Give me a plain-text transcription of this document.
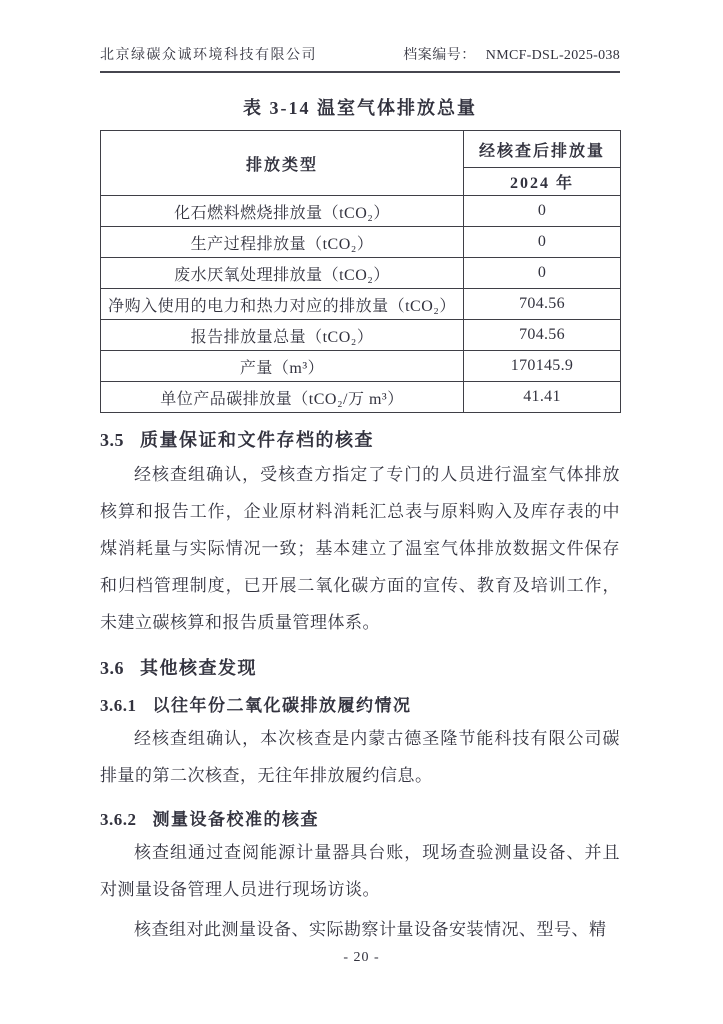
北京绿碳众诚环境科技有限公司	档案编号： NMCF-DSL-2025-038
表 3-14 温室气体排放总量
排放类型	经核查后排放量
	2024 年
化石燃料燃烧排放量（tCO₂）	0
生产过程排放量（tCO₂）	0
废水厌氧处理排放量（tCO₂）	0
净购入使用的电力和热力对应的排放量（tCO₂）	704.56
报告排放量总量（tCO₂）	704.56
产量（m³）	170145.9
单位产品碳排放量（tCO₂/万 m³）	41.41
3.5 质量保证和文件存档的核查

经核查组确认，受核查方指定了专门的人员进行温室气体排放核算和报告工作，企业原材料消耗汇总表与原料购入及库存表的中煤消耗量与实际情况一致；基本建立了温室气体排放数据文件保存和归档管理制度，已开展二氧化碳方面的宣传、教育及培训工作，未建立碳核算和报告质量管理体系。

3.6 其他核查发现
3.6.1 以往年份二氧化碳排放履约情况

经核查组确认，本次核查是内蒙古德圣隆节能科技有限公司碳排量的第二次核查，无往年排放履约信息。

3.6.2 测量设备校准的核查

核查组通过查阅能源计量器具台账，现场查验测量设备、并且对测量设备管理人员进行现场访谈。

核查组对此测量设备、实际勘察计量设备安装情况、型号、精

- 20 -
